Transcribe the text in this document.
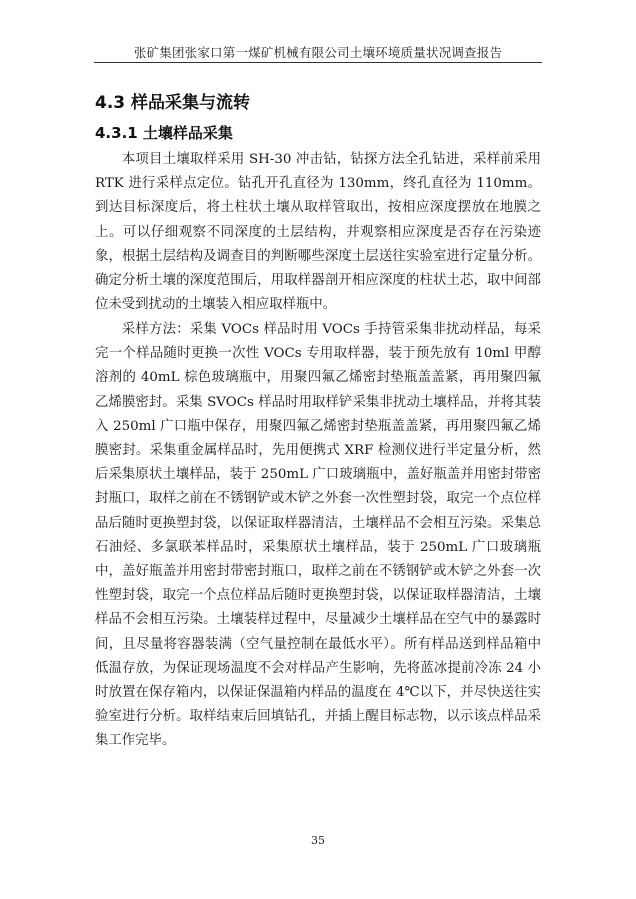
张矿集团张家口第一煤矿机械有限公司土壤环境质量状况调查报告
4.3 样品采集与流转
4.3.1 土壤样品采集

本项目土壤取样采用 SH-30 冲击钻，钻探方法全孔钻进，采样前采用 RTK 进行采样点定位。钻孔开孔直径为 130mm，终孔直径为 110mm。到达目标深度后，将土柱状土壤从取样管取出，按相应深度摆放在地膜之上。可以仔细观察不同深度的土层结构，并观察相应深度是否存在污染迹象，根据土层结构及调查目的判断哪些深度土层送往实验室进行定量分析。确定分析土壤的深度范围后，用取样器剖开相应深度的柱状土芯，取中间部位未受到扰动的土壤装入相应取样瓶中。

采样方法：采集 VOCs 样品时用 VOCs 手持管采集非扰动样品，每采完一个样品随时更换一次性 VOCs 专用取样器，装于预先放有 10ml 甲醇溶剂的 40mL 棕色玻璃瓶中，用聚四氟乙烯密封垫瓶盖盖紧，再用聚四氟乙烯膜密封。采集 SVOCs 样品时用取样铲采集非扰动土壤样品，并将其装入 250ml 广口瓶中保存，用聚四氟乙烯密封垫瓶盖盖紧，再用聚四氟乙烯膜密封。采集重金属样品时，先用便携式 XRF 检测仪进行半定量分析，然后采集原状土壤样品，装于 250mL 广口玻璃瓶中，盖好瓶盖并用密封带密封瓶口，取样之前在不锈钢铲或木铲之外套一次性塑封袋，取完一个点位样品后随时更换塑封袋，以保证取样器清洁，土壤样品不会相互污染。采集总石油烃、多氯联苯样品时，采集原状土壤样品，装于 250mL 广口玻璃瓶中，盖好瓶盖并用密封带密封瓶口，取样之前在不锈钢铲或木铲之外套一次性塑封袋，取完一个点位样品后随时更换塑封袋，以保证取样器清洁，土壤样品不会相互污染。土壤装样过程中，尽量减少土壤样品在空气中的暴露时间，且尽量将容器装满（空气量控制在最低水平）。所有样品送到样品箱中低温存放，为保证现场温度不会对样品产生影响，先将蓝冰提前冷冻 24 小时放置在保存箱内，以保证保温箱内样品的温度在 4℃以下，并尽快送往实验室进行分析。取样结束后回填钻孔，并插上醒目标志物，以示该点样品采集工作完毕。

35
